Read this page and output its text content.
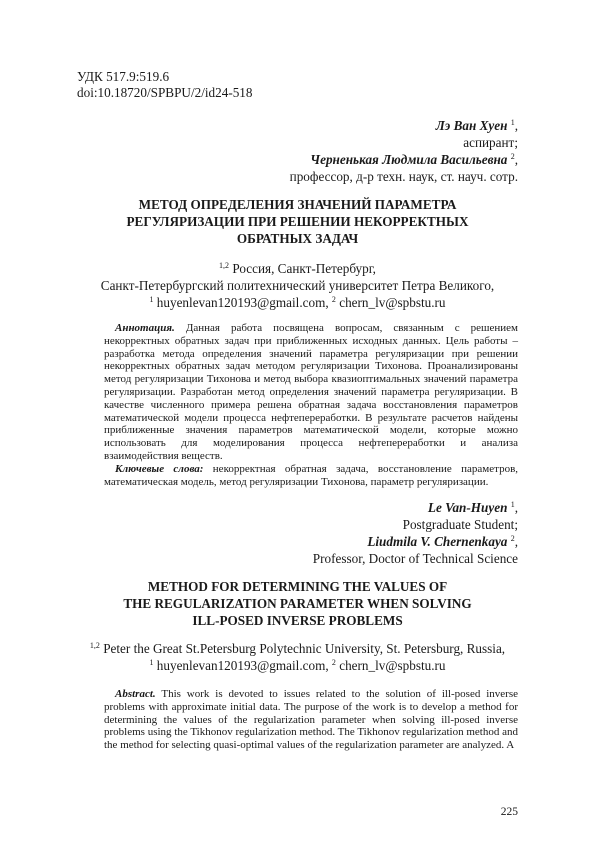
УДК 517.9:519.6
doi:10.18720/SPBPU/2/id24-518
Лэ Ван Хуен $^1$,
аспирант;
Черненькая Людмила Васильевна $^2$,
профессор, д-р техн. наук, ст. науч. сотр.
МЕТОД ОПРЕДЕЛЕНИЯ ЗНАЧЕНИЙ ПАРАМЕТРА
РЕГУЛЯРИЗАЦИИ ПРИ РЕШЕНИИ НЕКОРРЕКТНЫХ
ОБРАТНЫХ ЗАДАЧ
$^{1,2}$ Россия, Санкт-Петербург,
Санкт-Петербургский политехнический университет Петра Великого,
$^1$ huyenlevan120193@gmail.com, $^2$ chern_lv@spbstu.ru

 Аннотация. Данная работа посвящена вопросам, связанным с решением некорректных обратных задач при приближенных исходных данных. Цель работы – разработка метода определения значений параметра регуляризации при решении некорректных обратных задач методом регуляризации Тихонова. Проанализированы метод регуляризации Тихонова и метод выбора квазиоптимальных значений параметра регуляризации. Разработан метод определения значений параметра регуляризации. В качестве численного примера решена обратная задача восстановления параметров математической модели процесса нефтепереработки. В результате расчетов найдены приближенные значения параметров математической модели, которые можно использовать для моделирования процесса нефтепереработки и анализа взаимодействия веществ.

 Ключевые слова: некорректная обратная задача, восстановление параметров, математическая модель, метод регуляризации Тихонова, параметр регуляризации.

Le Van-Huyen $^1$,
Postgraduate Student;
Liudmila V. Chernenkaya $^2$,
Professor, Doctor of Technical Science
METHOD FOR DETERMINING THE VALUES OF
THE REGULARIZATION PARAMETER WHEN SOLVING
ILL-POSED INVERSE PROBLEMS
$^{1,2}$ Peter the Great St.Petersburg Polytechnic University, St. Petersburg, Russia,
$^1$ huyenlevan120193@gmail.com, $^2$ chern_lv@spbstu.ru

 Abstract. This work is devoted to issues related to the solution of ill-posed inverse problems with approximate initial data. The purpose of the work is to develop a method for determining the values of the regularization parameter when solving ill-posed inverse problems using the Tikhonov regularization method. The Tikhonov regularization method and the method for selecting quasi-optimal values of the regularization parameter are analyzed. A

225
